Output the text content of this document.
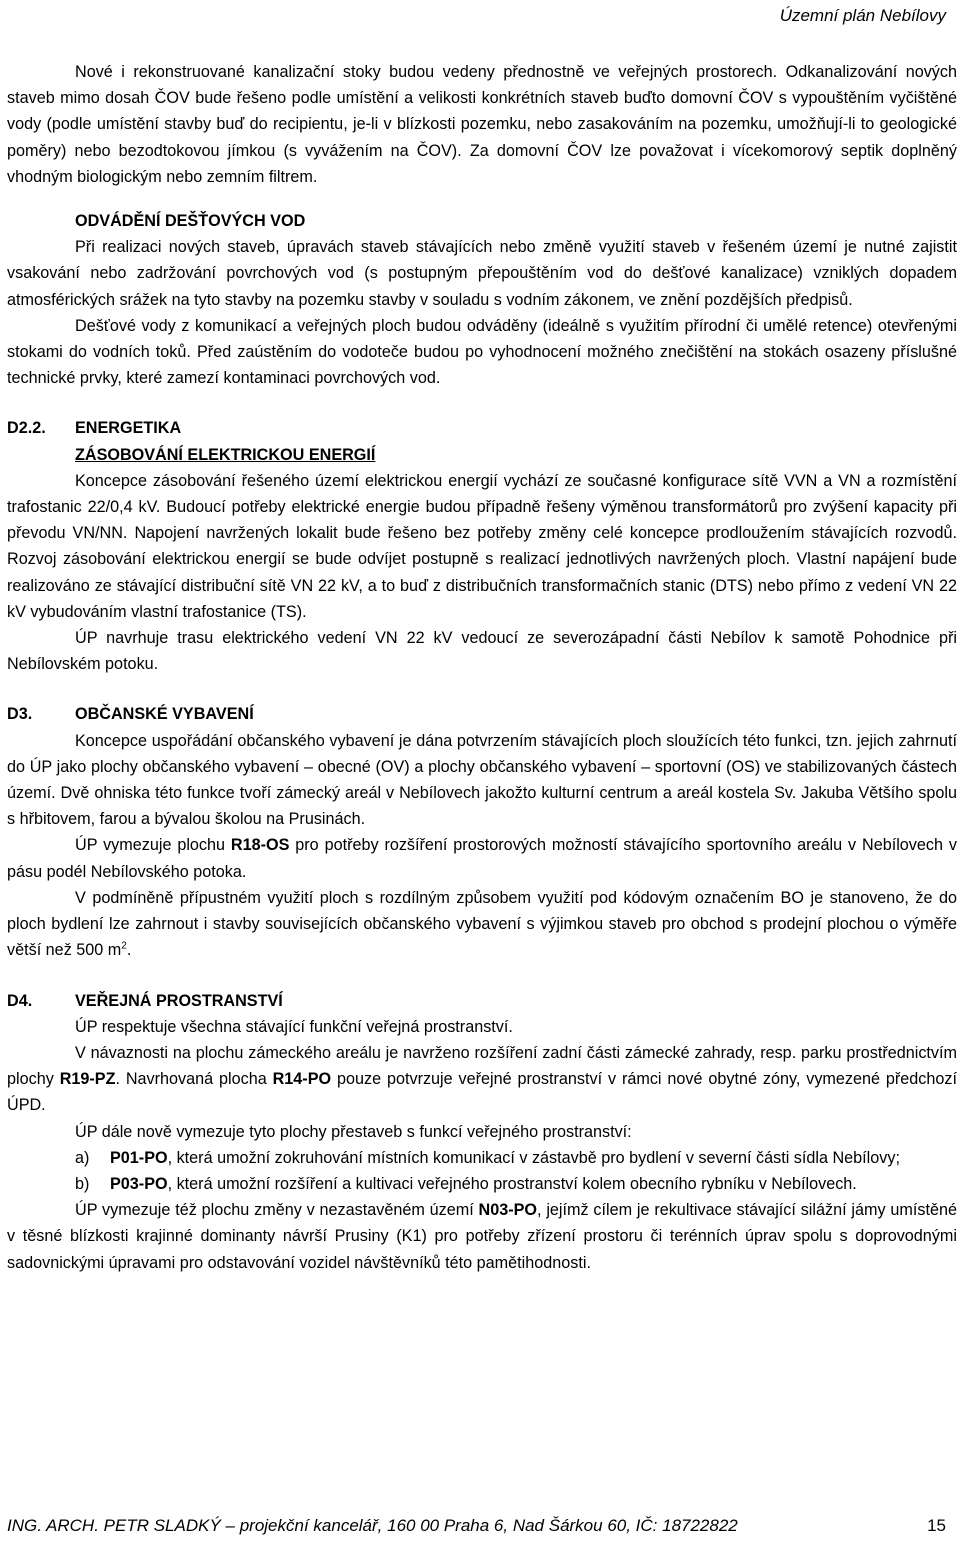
Územní plán Nebílovy

Nové i rekonstruované kanalizační stoky budou vedeny přednostně ve veřejných prostorech. Odkanalizování nových staveb mimo dosah ČOV bude řešeno podle umístění a velikosti konkrétních staveb buďto domovní ČOV s vypouštěním vyčištěné vody (podle umístění stavby buď do recipientu, je-li v blízkosti pozemku, nebo zasakováním na pozemku, umožňují-li to geologické poměry) nebo bezodtokovou jímkou (s vyvážením na ČOV). Za domovní ČOV lze považovat i vícekomorový septik doplněný vhodným biologickým nebo zemním filtrem.

ODVÁDĚNÍ DEŠŤOVÝCH VOD

Při realizaci nových staveb, úpravách staveb stávajících nebo změně využití staveb v řešeném území je nutné zajistit vsakování nebo zadržování povrchových vod (s postupným přepouštěním vod do dešťové kanalizace) vzniklých dopadem atmosférických srážek na tyto stavby na pozemku stavby v souladu s vodním zákonem, ve znění pozdějších předpisů.

Dešťové vody z komunikací a veřejných ploch budou odváděny (ideálně s využitím přírodní či umělé retence) otevřenými stokami do vodních toků. Před zaústěním do vodoteče budou po vyhodnocení možného znečištění na stokách osazeny příslušné technické prvky, které zamezí kontaminaci povrchových vod.

D2.2.	ENERGETIKA

ZÁSOBOVÁNÍ ELEKTRICKOU ENERGIÍ

Koncepce zásobování řešeného území elektrickou energií vychází ze současné konfigurace sítě VVN a VN a rozmístění trafostanic 22/0,4 kV. Budoucí potřeby elektrické energie budou případně řešeny výměnou transformátorů pro zvýšení kapacity při převodu VN/NN. Napojení navržených lokalit bude řešeno bez potřeby změny celé koncepce prodloužením stávajících rozvodů. Rozvoj zásobování elektrickou energií se bude odvíjet postupně s realizací jednotlivých navržených ploch. Vlastní napájení bude realizováno ze stávající distribuční sítě VN 22 kV, a to buď z distribučních transformačních stanic (DTS) nebo přímo z vedení VN 22 kV vybudováním vlastní trafostanice (TS).

ÚP navrhuje trasu elektrického vedení VN 22 kV vedoucí ze severozápadní části Nebílov k samotě Pohodnice při Nebílovském potoku.

D3.	OBČANSKÉ VYBAVENÍ

Koncepce uspořádání občanského vybavení je dána potvrzením stávajících ploch sloužících této funkci, tzn. jejich zahrnutí do ÚP jako plochy občanského vybavení – obecné (OV) a plochy občanského vybavení – sportovní (OS) ve stabilizovaných částech území. Dvě ohniska této funkce tvoří zámecký areál v Nebílovech jakožto kulturní centrum a areál kostela Sv. Jakuba Většího spolu s hřbitovem, farou a bývalou školou na Prusinách.

ÚP vymezuje plochu R18-OS pro potřeby rozšíření prostorových možností stávajícího sportovního areálu v Nebílovech v pásu podél Nebílovského potoka.

V podmíněně přípustném využití ploch s rozdílným způsobem využití pod kódovým označením BO je stanoveno, že do ploch bydlení lze zahrnout i stavby souvisejících občanského vybavení s výjimkou staveb pro obchod s prodejní plochou o výměře větší než 500 $m^2$.

D4.	VEŘEJNÁ PROSTRANSTVÍ

ÚP respektuje všechna stávající funkční veřejná prostranství.

V návaznosti na plochu zámeckého areálu je navrženo rozšíření zadní části zámecké zahrady, resp. parku prostřednictvím plochy R19-PZ. Navrhovaná plocha R14-PO pouze potvrzuje veřejné prostranství v rámci nové obytné zóny, vymezené předchozí ÚPD.

ÚP dále nově vymezuje tyto plochy přestaveb s funkcí veřejného prostranství:

a)	P01-PO, která umožní zokruhování místních komunikací v zástavbě pro bydlení v severní části sídla Nebílovy;
b)	P03-PO, která umožní rozšíření a kultivaci veřejného prostranství kolem obecního rybníku v Nebílovech.

ÚP vymezuje též plochu změny v nezastavěném území N03-PO, jejímž cílem je rekultivace stávající silážní jámy umístěné v těsné blízkosti krajinné dominanty návrší Prusiny (K1) pro potřeby zřízení prostoru či terénních úprav spolu s doprovodnými sadovnickými úpravami pro odstavování vozidel návštěvníků této pamětihodnosti.

ING. ARCH. PETR SLADKÝ – projekční kancelář, 160 00 Praha 6, Nad Šárkou 60, IČ: 18722822	15
